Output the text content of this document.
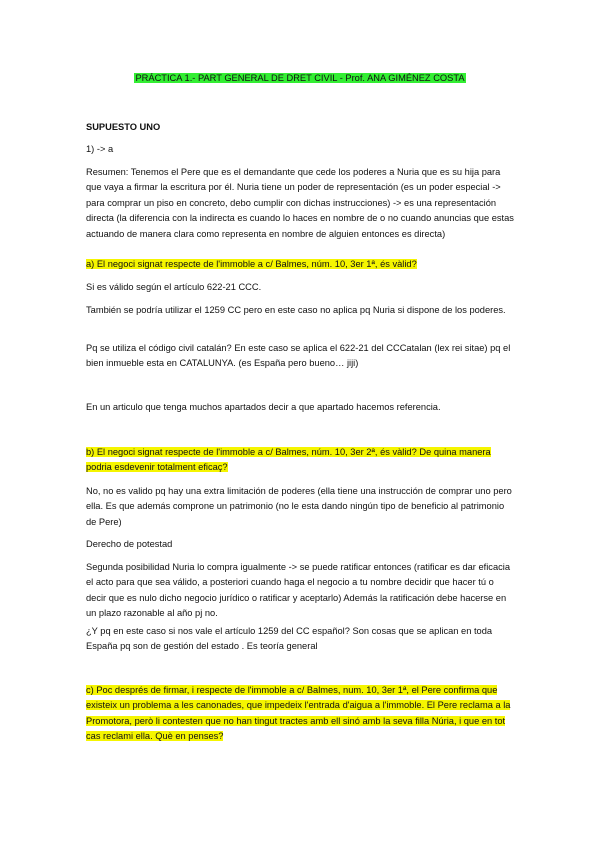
PRÁCTICA 1.- PART GENERAL DE DRET CIVIL - Prof. ANA GIMÉNEZ COSTA

SUPUESTO UNO

1) -> a

Resumen: Tenemos el Pere que es el demandante que cede los poderes a Nuria que es su hija para que vaya a firmar la escritura por él. Nuria tiene un poder de representación (es un poder especial -> para comprar un piso en concreto, debo cumplir con dichas instrucciones) -> es una representación directa (la diferencia con la indirecta es cuando lo haces en nombre de o no cuando anuncias que estas actuando de manera clara como representa en nombre de alguien entonces es directa)

a) El negoci signat respecte de l'immoble a c/ Balmes, núm. 10, 3er 1ª, és vàlid?

Si es válido según el artículo 622-21 CCC.

También se podría utilizar el 1259 CC pero en este caso no aplica pq Nuria si dispone de los poderes.

Pq se utiliza el código civil catalán? En este caso se aplica el 622-21 del CCCatalan (lex rei sitae) pq el bien inmueble esta en CATALUNYA. (es España pero bueno… jiji)

En un articulo que tenga muchos apartados decir a que apartado hacemos referencia.

b) El negoci signat respecte de l'immoble a c/ Balmes, núm. 10, 3er 2ª, és vàlid? De quina manera podria esdevenir totalment eficaç?

No, no es valido pq hay una extra limitación de poderes (ella tiene una instrucción de comprar uno pero ella. Es que además comprone un patrimonio (no le esta dando ningún tipo de beneficio al patrimonio de Pere)

Derecho de potestad

Segunda posibilidad Nuria lo compra igualmente -> se puede ratificar entonces (ratificar es dar eficacia el acto para que sea válido, a posteriori cuando haga el negocio a tu nombre decidir que hacer tú o decir que es nulo dicho negocio jurídico o ratificar y aceptarlo) Además la ratificación debe hacerse en un plazo razonable al año pj no.

¿Y pq en este caso si nos vale el artículo 1259 del CC español? Son cosas que se aplican en toda España pq son de gestión del estado . Es teoría general

c) Poc després de firmar, i respecte de l'immoble a c/ Balmes, num. 10, 3er 1ª, el Pere confirma que existeix un problema a les canonades, que impedeix l'entrada d'aigua a l'immoble. El Pere reclama a la Promotora, però li contesten que no han tingut tractes amb ell sinó amb la seva filla Núria, i que en tot cas reclami ella. Què en penses?
